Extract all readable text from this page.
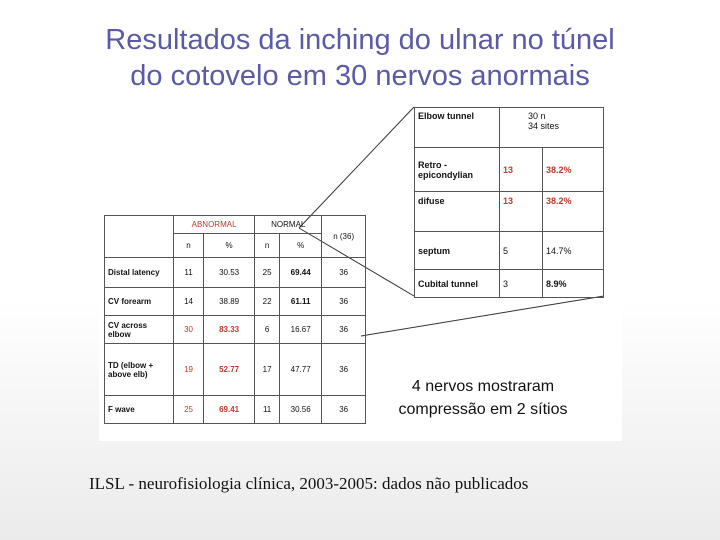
Resultados da inching do ulnar no túnel
do cotovelo em 30 nervos anormais
	ABNORMAL		NORMAL		n (36)
	n	%	n	%	
Distal latency	11	30.53	25	69.44	36
CV forearm	14	38.89	22	61.11	36
CV across elbow	30	83.33	6	16.67	36
TD (elbow + above elb)	19	52.77	17	47.77	36
F wave	25	69.41	11	30.56	36
Elbow tunnel	30 n
34 sites	

Retro - epicondylian	13	38.2%
difuse	13	38.2%
septum	5	14.7%
Cubital tunnel	3	8.9%
4 nervos mostraram
compressão em 2 sítios
ILSL - neurofisiologia clínica, 2003-2005: dados não publicados
